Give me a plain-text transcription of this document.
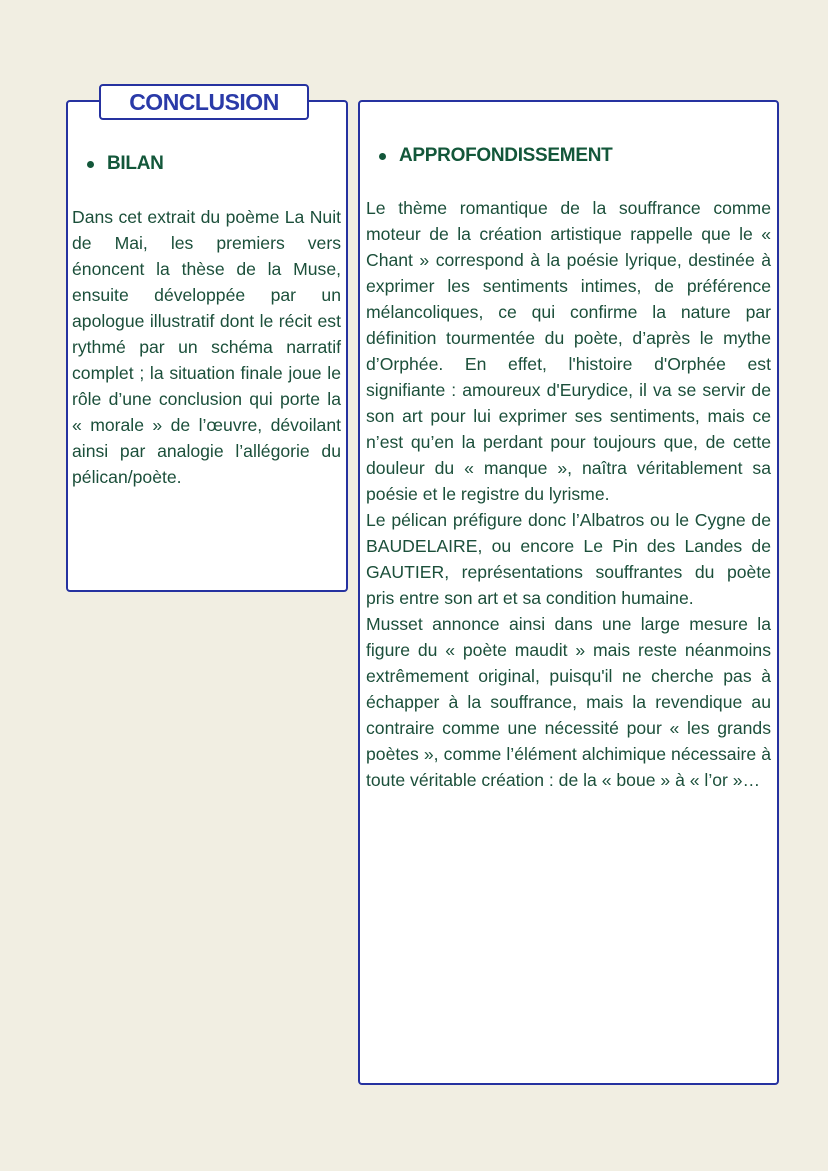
CONCLUSION
BILAN

Dans cet extrait du poème La Nuit de Mai, les premiers vers énoncent la thèse de la Muse, ensuite développée par un apologue illustratif dont le récit est rythmé par un schéma narratif complet ; la situation finale joue le rôle d’une conclusion qui porte la « morale » de l’œuvre, dévoilant ainsi par analogie l’allégorie du pélican/poète.

APPROFONDISSEMENT

Le thème romantique de la souffrance comme moteur de la création artistique rappelle que le « Chant » correspond à la poésie lyrique, destinée à exprimer les sentiments intimes, de préférence mélancoliques, ce qui confirme la nature par définition tourmentée du poète, d’après le mythe d’Orphée. En effet, l'histoire d'Orphée est signifiante : amoureux d'Eurydice, il va se servir de son art pour lui exprimer ses sentiments, mais ce n’est qu’en la perdant pour toujours que, de cette douleur du « manque », naîtra véritablement sa poésie et le registre du lyrisme.

Le pélican préfigure donc l’Albatros ou le Cygne de BAUDELAIRE, ou encore Le Pin des Landes de GAUTIER, représentations souffrantes du poète pris entre son art et sa condition humaine.

Musset annonce ainsi dans une large mesure la figure du « poète maudit » mais reste néanmoins extrêmement original, puisqu'il ne cherche pas à échapper à la souffrance, mais la revendique au contraire comme une nécessité pour « les grands poètes », comme l’élément alchimique nécessaire à toute véritable création : de la « boue » à « l’or »…
